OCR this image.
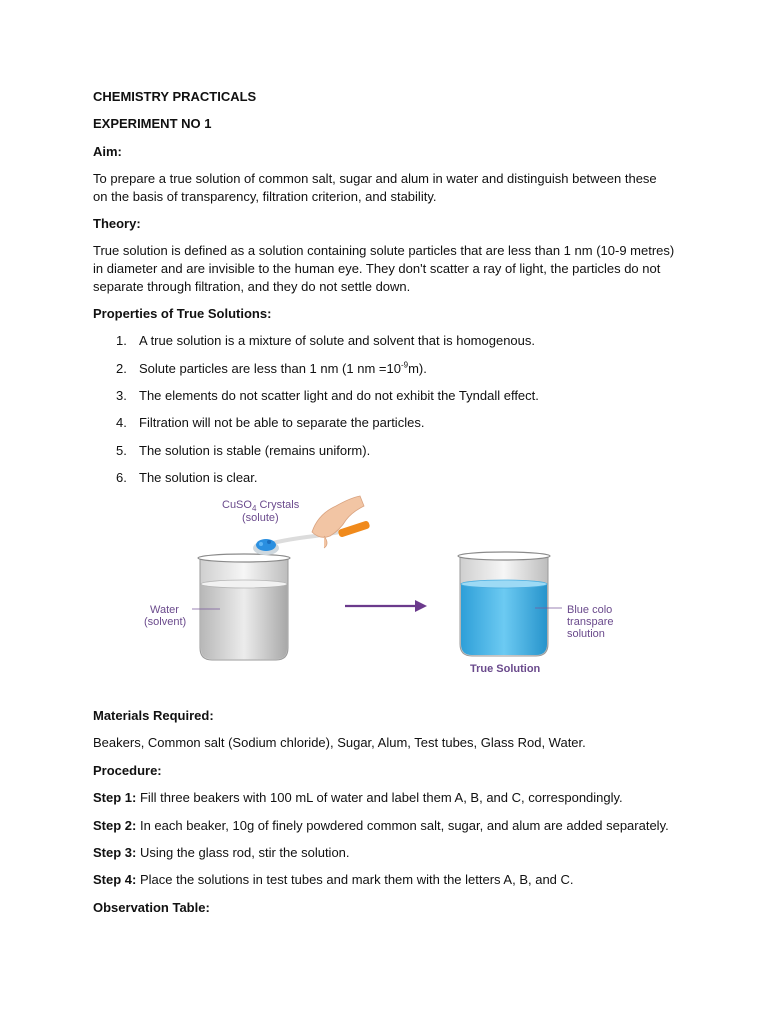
CHEMISTRY PRACTICALS
EXPERIMENT NO 1
Aim:
To prepare a true solution of common salt, sugar and alum in water and distinguish between these
on the basis of transparency, filtration criterion, and stability.
Theory:
True solution is defined as a solution containing solute particles that are less than 1 nm (10-9 metres)
in diameter and are invisible to the human eye. They don't scatter a ray of light, the particles do not
separate through filtration, and they do not settle down.
Properties of True Solutions:
1. A true solution is a mixture of solute and solvent that is homogenous.
2. Solute particles are less than 1 nm (1 nm $=10^{-9}m$).
3. The elements do not scatter light and do not exhibit the Tyndall effect.
4. Filtration will not be able to separate the particles.
5. The solution is stable (remains uniform).
6. The solution is clear.
CuSO$_4$ Crystals
(solute)
Water
(solvent)
Blue colo
transpare
solution
True Solution
Materials Required:
Beakers, Common salt (Sodium chloride), Sugar, Alum, Test tubes, Glass Rod, Water.
Procedure:
Step 1: Fill three beakers with 100 mL of water and label them A, B, and C, correspondingly.
Step 2: In each beaker, 10g of finely powdered common salt, sugar, and alum are added separately.
Step 3: Using the glass rod, stir the solution.
Step 4: Place the solutions in test tubes and mark them with the letters A, B, and C.
Observation Table:
